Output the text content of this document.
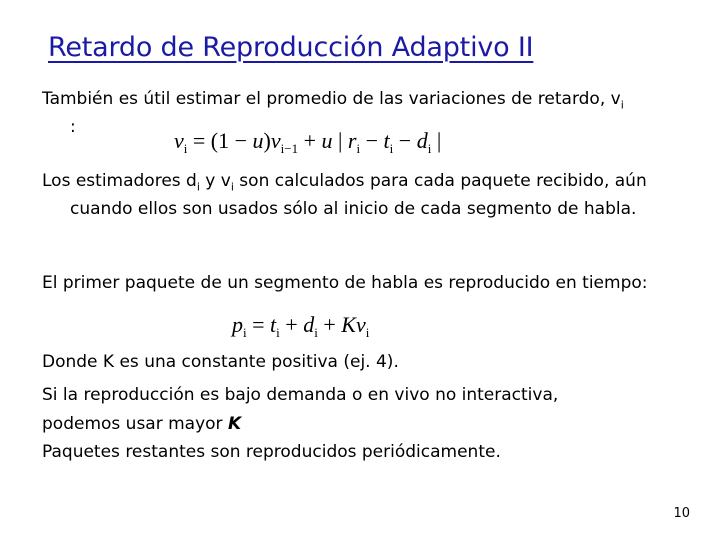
Retardo de Reproducción Adaptivo II

También es útil estimar el promedio de las variaciones de retardo, $v_i$
:

$v_i = (1 - u)v_{i-1} + u$ | $r_i - t_i - d_i$ |

Los estimadores $d_i$ y $v_i$ son calculados para cada paquete recibido, aún cuando ellos son usados sólo al inicio de cada segmento de habla.

El primer paquete de un segmento de habla es reproducido en tiempo:

$p_i = t_i + d_i + Kv_i$

Donde K es una constante positiva (ej. 4).

Si la reproducción es bajo demanda o en vivo no interactiva,

podemos usar mayor K

Paquetes restantes son reproducidos periódicamente.

10
